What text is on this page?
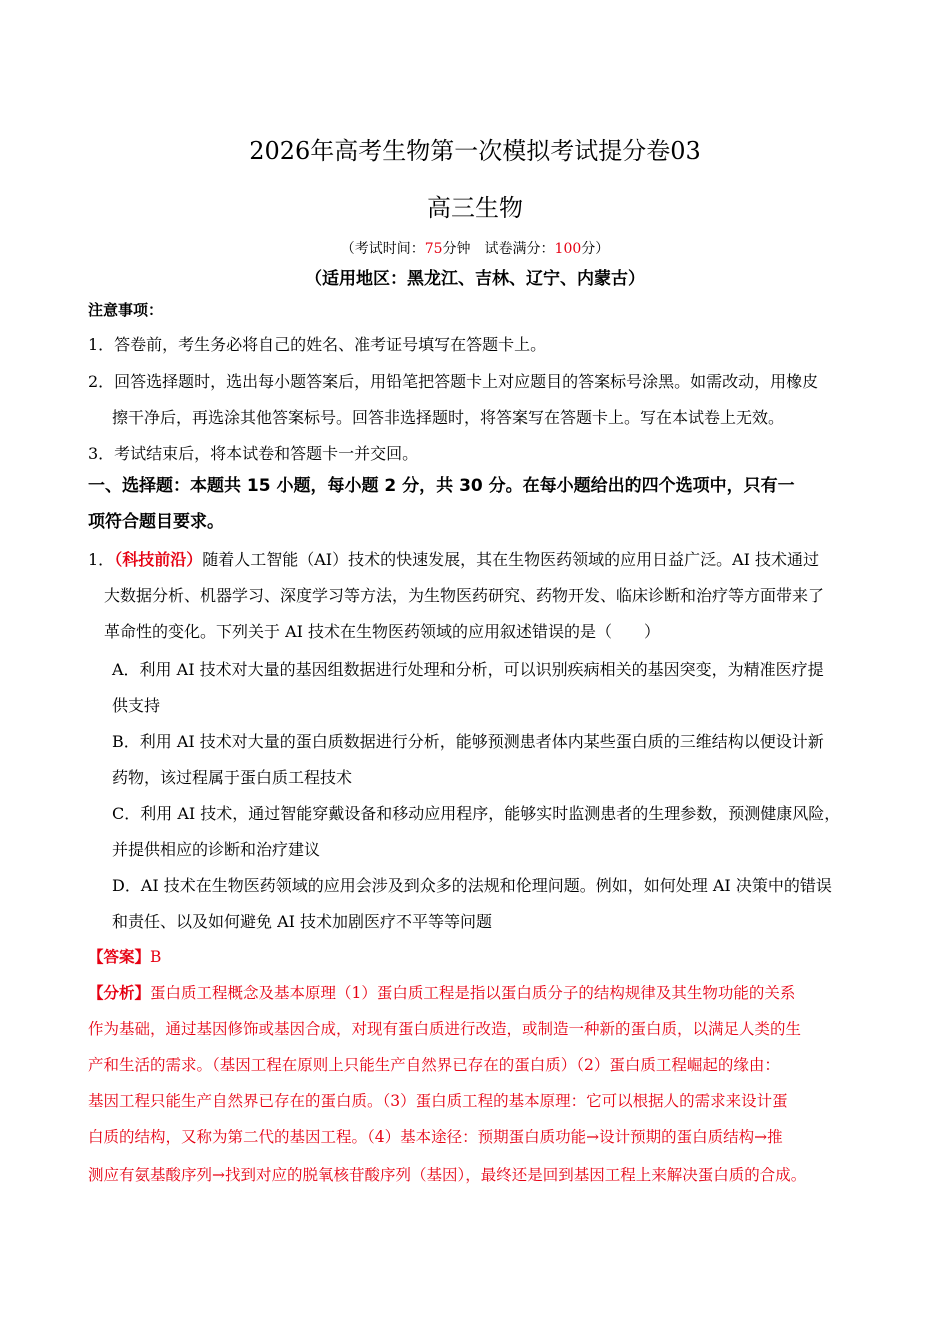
2026年高考生物第一次模拟考试提分卷03
高三生物
（考试时间：75分钟　 试卷满分：100分）
（适用地区：黑龙江、吉林、辽宁、内蒙古）
注意事项：
1．答卷前，考生务必将自己的姓名、准考证号填写在答题卡上。
2．回答选择题时，选出每小题答案后，用铅笔把答题卡上对应题目的答案标号涂黑。如需改动，用橡皮
擦干净后，再选涂其他答案标号。回答非选择题时，将答案写在答题卡上。写在本试卷上无效。
3．考试结束后，将本试卷和答题卡一并交回。
一、选择题：本题共 15 小题，每小题 2 分，共 30 分。在每小题给出的四个选项中，只有一
项符合题目要求。
1．（科技前沿）随着人工智能（AI）技术的快速发展，其在生物医药领域的应用日益广泛。AI 技术通过
大数据分析、机器学习、深度学习等方法，为生物医药研究、药物开发、临床诊断和治疗等方面带来了
革命性的变化。下列关于 AI 技术在生物医药领域的应用叙述错误的是（　　）
A．利用 AI 技术对大量的基因组数据进行处理和分析，可以识别疾病相关的基因突变，为精准医疗提
供支持
B．利用 AI 技术对大量的蛋白质数据进行分析，能够预测患者体内某些蛋白质的三维结构以便设计新
药物，该过程属于蛋白质工程技术
C．利用 AI 技术，通过智能穿戴设备和移动应用程序，能够实时监测患者的生理参数，预测健康风险，
并提供相应的诊断和治疗建议
D．AI 技术在生物医药领域的应用会涉及到众多的法规和伦理问题。例如，如何处理 AI 决策中的错误
和责任、以及如何避免 AI 技术加剧医疗不平等等问题
【答案】B
【分析】蛋白质工程概念及基本原理（1）蛋白质工程是指以蛋白质分子的结构规律及其生物功能的关系
作为基础，通过基因修饰或基因合成，对现有蛋白质进行改造，或制造一种新的蛋白质，以满足人类的生
产和生活的需求。（基因工程在原则上只能生产自然界已存在的蛋白质）（2）蛋白质工程崛起的缘由：
基因工程只能生产自然界已存在的蛋白质。（3）蛋白质工程的基本原理：它可以根据人的需求来设计蛋
白质的结构，又称为第二代的基因工程。（4）基本途径：预期蛋白质功能→设计预期的蛋白质结构→推
测应有氨基酸序列→找到对应的脱氧核苷酸序列（基因），最终还是回到基因工程上来解决蛋白质的合成。
